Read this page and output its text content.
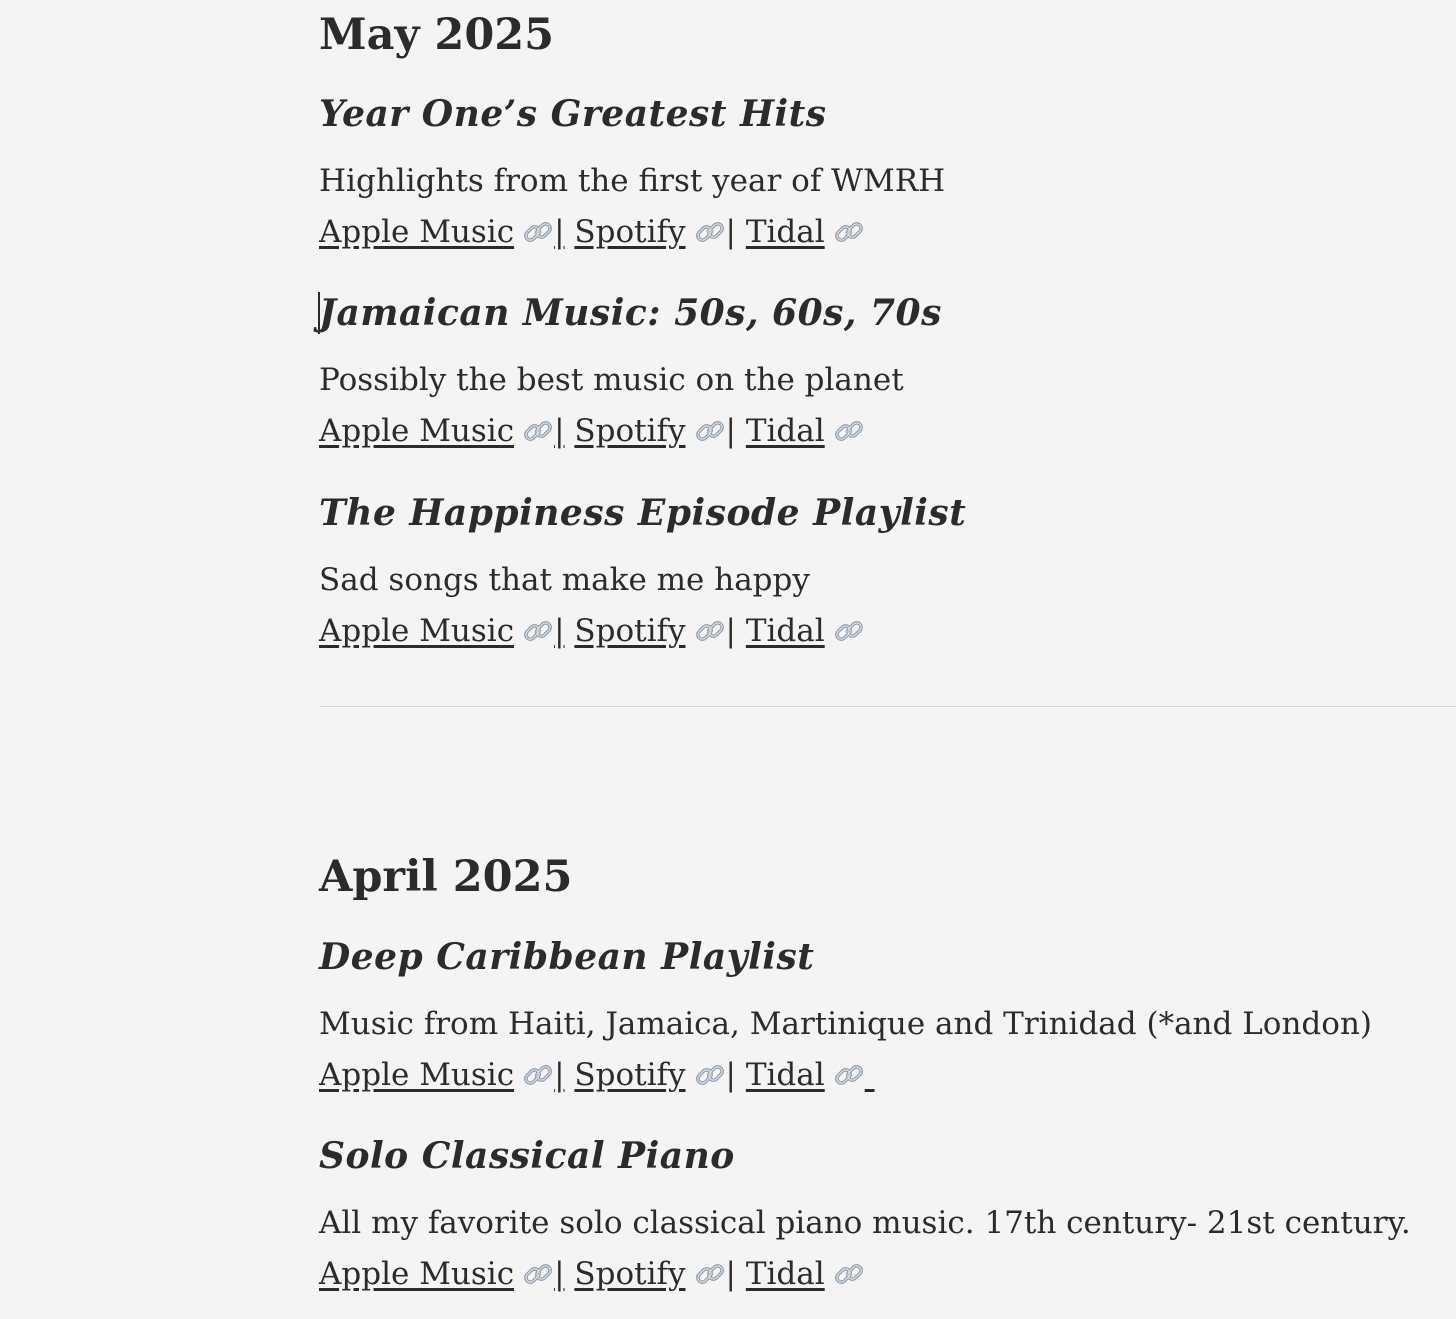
May 2025
Year One’s Greatest Hits

Highlights from the first year of WMRH

Apple Music | Spotify | Tidal

Jamaican Music: 50s, 60s, 70s

Possibly the best music on the planet

Apple Music | Spotify | Tidal

The Happiness Episode Playlist

Sad songs that make me happy

Apple Music | Spotify | Tidal

April 2025
Deep Caribbean Playlist

Music from Haiti, Jamaica, Martinique and Trinidad (*and London)

Apple Music | Spotify | Tidal

Solo Classical Piano

All my favorite solo classical piano music. 17th century- 21st century.

Apple Music | Spotify | Tidal
